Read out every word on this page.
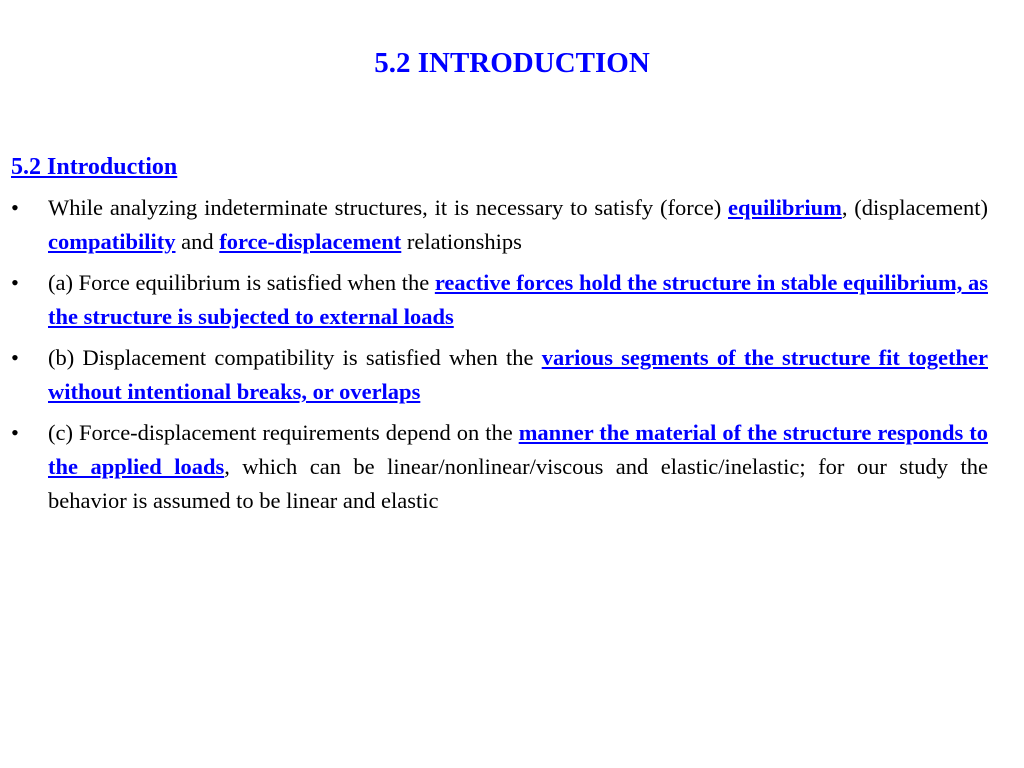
5.2 INTRODUCTION
5.2 Introduction
• While analyzing indeterminate structures, it is necessary to satisfy (force) equilibrium, (displacement) compatibility and force-displacement relationships
• (a) Force equilibrium is satisfied when the reactive forces hold the structure in stable equilibrium, as the structure is subjected to external loads
• (b) Displacement compatibility is satisfied when the various segments of the structure fit together without intentional breaks, or overlaps
• (c) Force-displacement requirements depend on the manner the material of the structure responds to the applied loads, which can be linear/nonlinear/viscous and elastic/inelastic; for our study the behavior is assumed to be linear and elastic
